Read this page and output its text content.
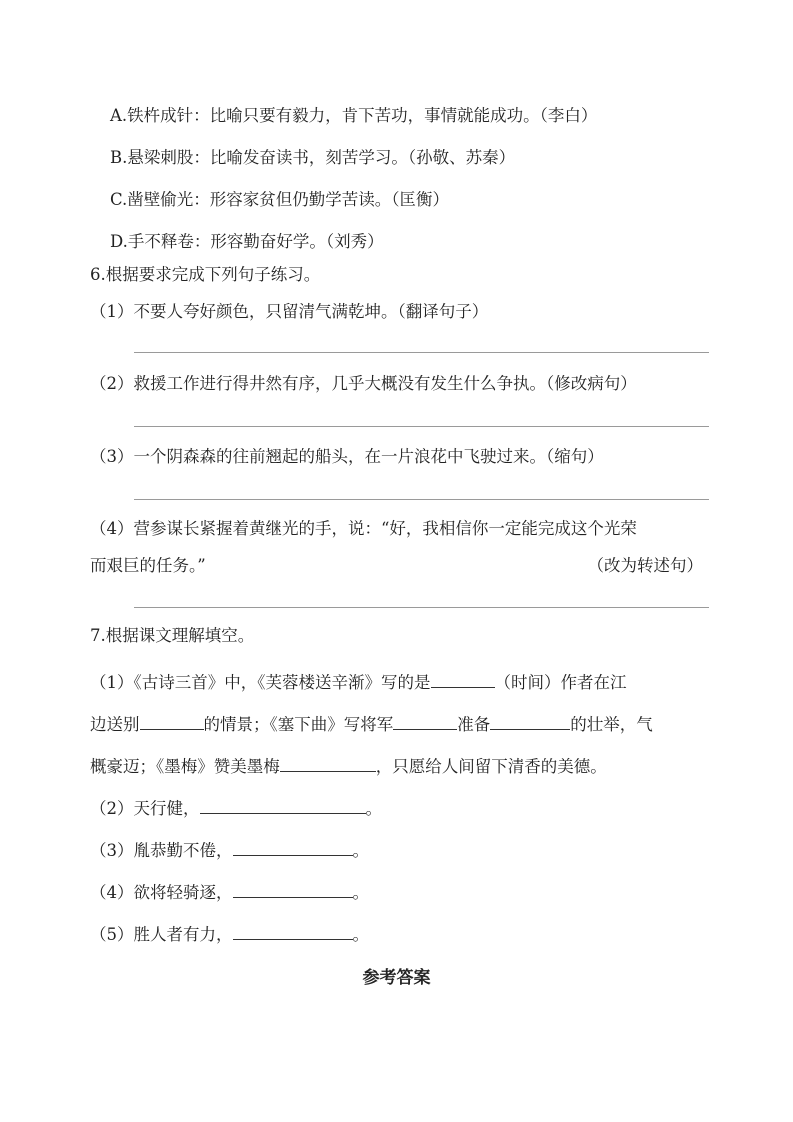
A.铁杵成针：比喻只要有毅力，肯下苦功，事情就能成功。（李白）
B.悬梁刺股：比喻发奋读书，刻苦学习。（孙敬、苏秦）
C.凿壁偷光：形容家贫但仍勤学苦读。（匡衡）
D.手不释卷：形容勤奋好学。（刘秀）
6.根据要求完成下列句子练习。
（1）不要人夸好颜色，只留清气满乾坤。（翻译句子）
（2）救援工作进行得井然有序，几乎大概没有发生什么争执。（修改病句）
（3）一个阴森森的往前翘起的船头，在一片浪花中飞驶过来。（缩句）
（4）营参谋长紧握着黄继光的手，说：“好，我相信你一定能完成这个光荣
而艰巨的任务。”	（改为转述句）
7.根据课文理解填空。
（1）《古诗三首》中，《芙蓉楼送辛渐》写的是	（时间）作者在江
边送别	的情景；《塞下曲》写将军	准备	的壮举，气
概豪迈；《墨梅》赞美墨梅	，只愿给人间留下清香的美德。
（2）天行健，	。
（3）胤恭勤不倦，	。
（4）欲将轻骑逐，	。
（5）胜人者有力，	。
参考答案
